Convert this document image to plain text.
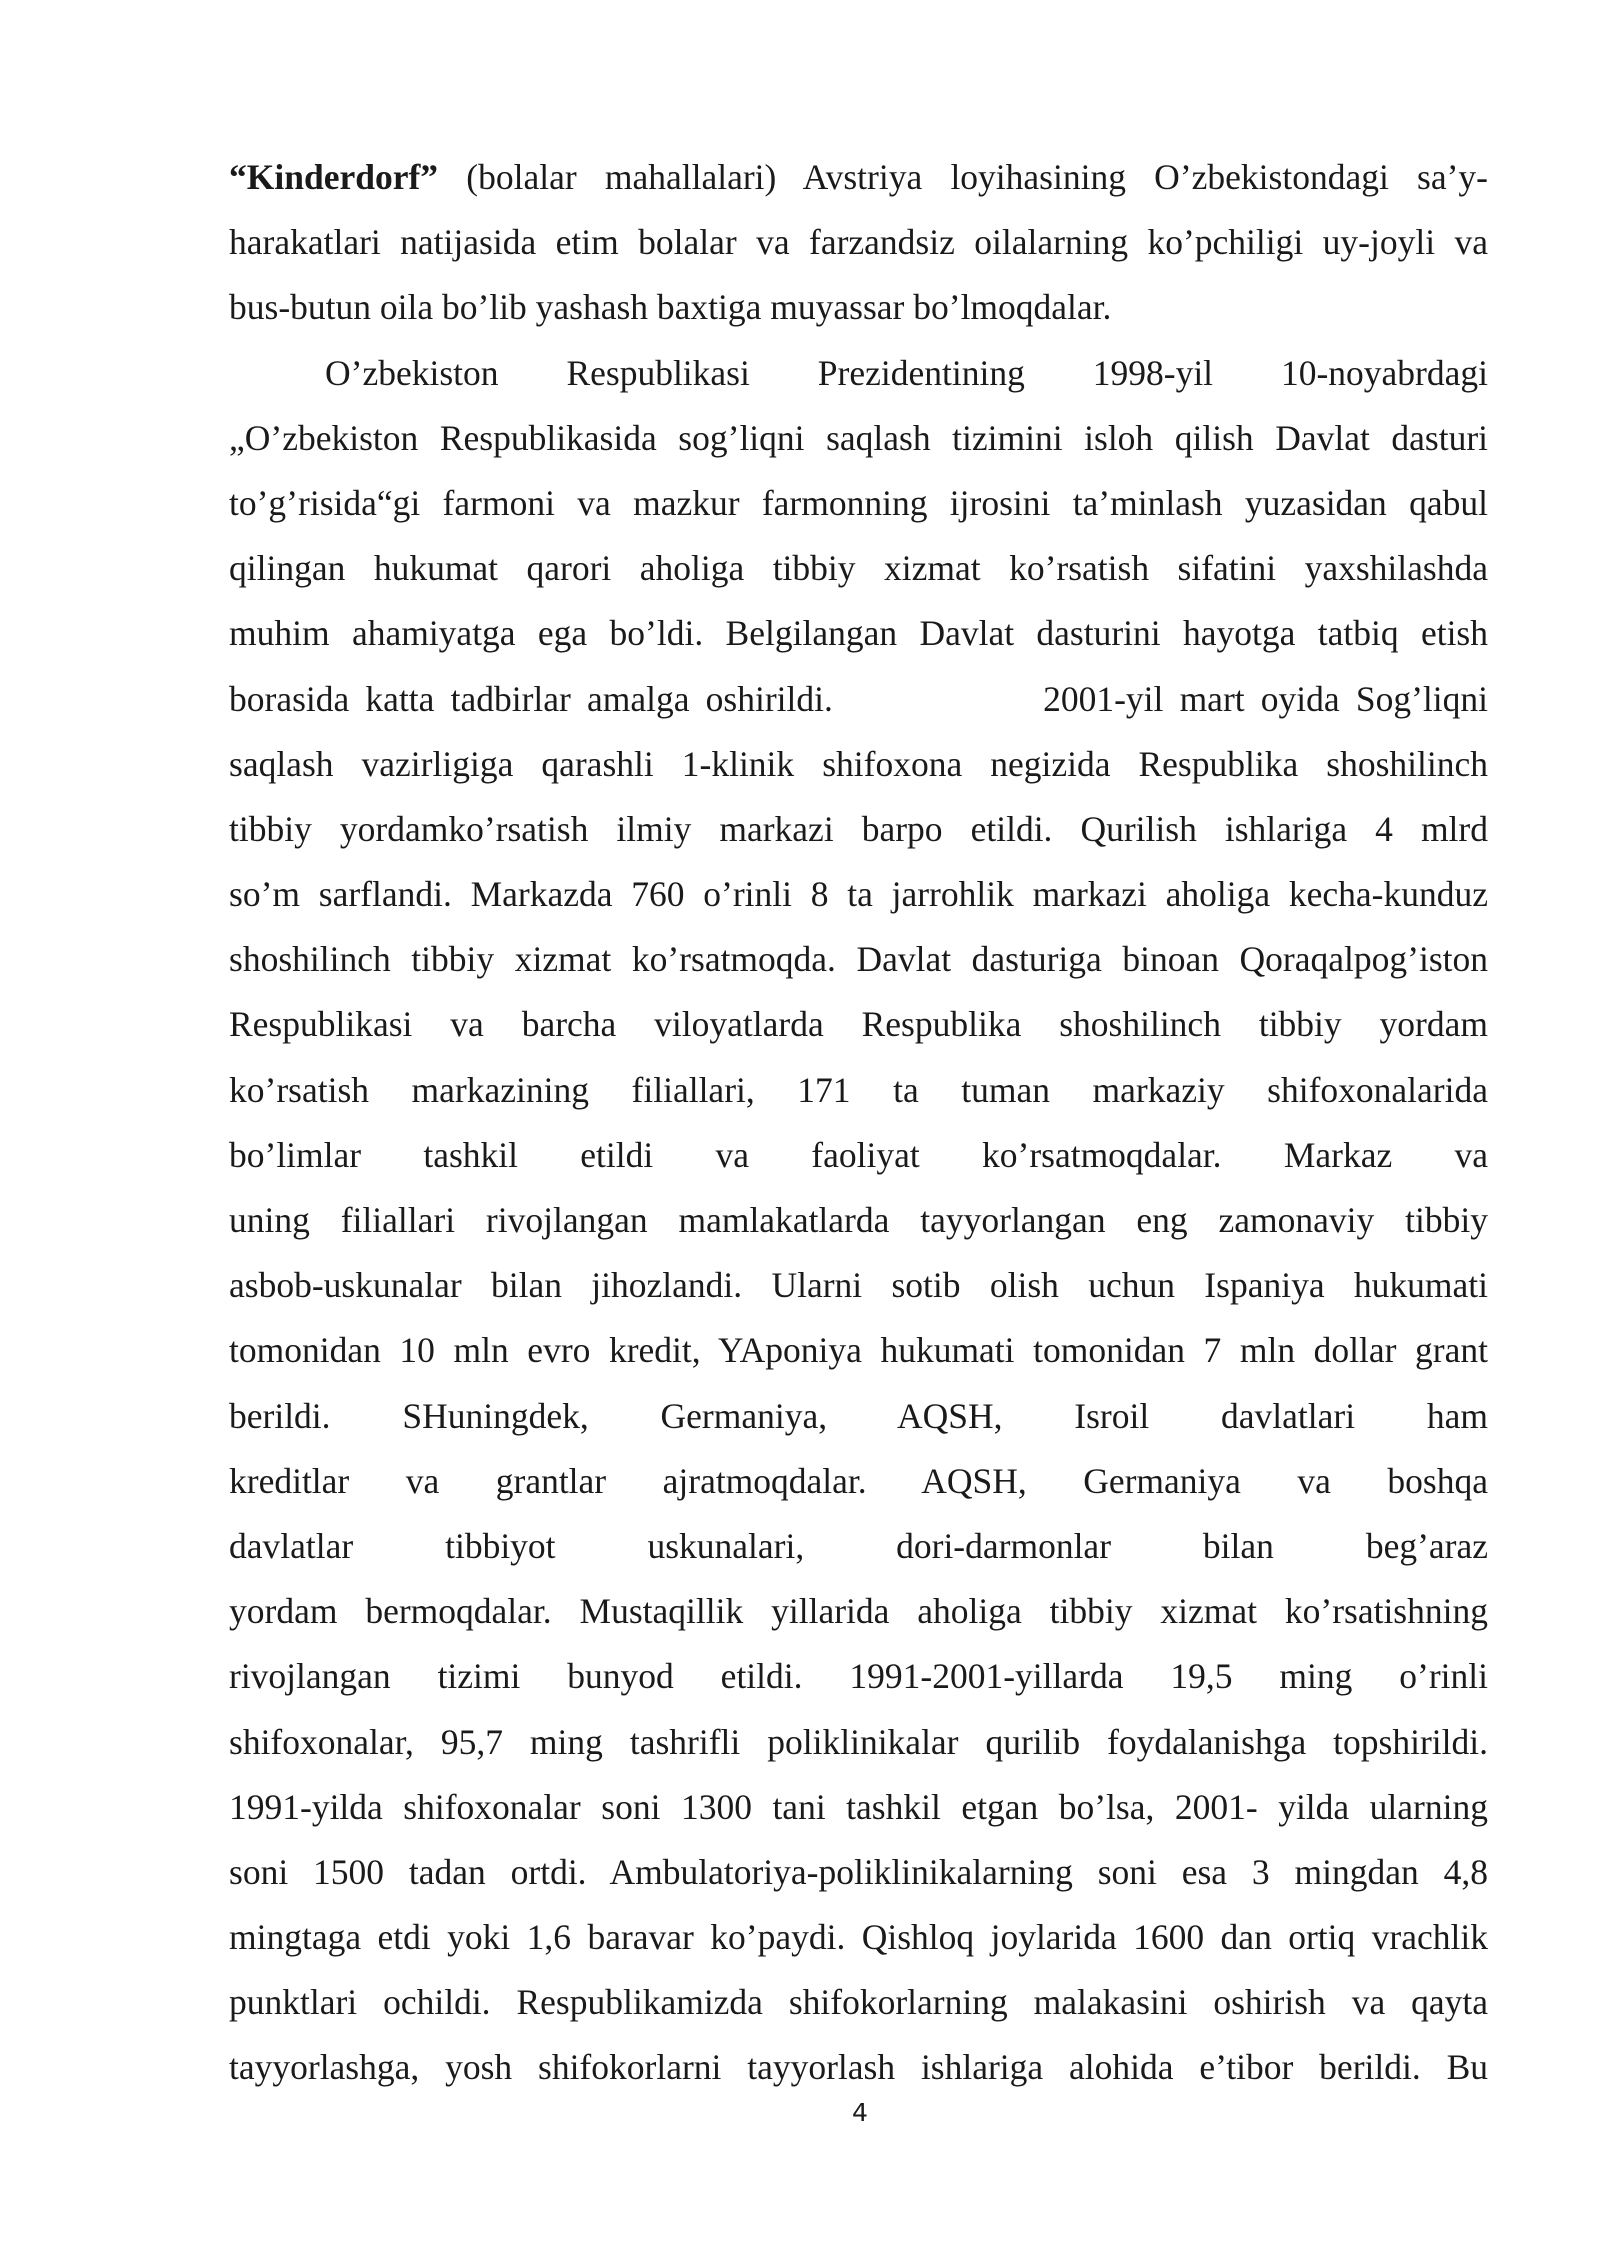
“Kinderdorf” (bolalar mahallalari) Avstriya loyihasining O’zbekistondagi sa’y-
harakatlari natijasida etim bolalar va farzandsiz oilalarning ko’pchiligi uy-joyli va
bus-butun oila bo’lib yashash baxtiga muyassar bo’lmoqdalar.
O’zbekiston Respublikasi Prezidentining 1998-yil 10-noyabrdagi
„O’zbekiston Respublikasida sog’liqni saqlash tizimini isloh qilish Davlat dasturi
to’g’risida“gi farmoni va mazkur farmonning ijrosini ta’minlash yuzasidan qabul
qilingan hukumat qarori aholiga tibbiy xizmat ko’rsatish sifatini yaxshilashda
muhim ahamiyatga ega bo’ldi. Belgilangan Davlat dasturini hayotga tatbiq etish
borasida katta tadbirlar amalga oshirildi.             2001-yil mart oyida Sog’liqni
saqlash vazirligiga qarashli 1-klinik shifoxona negizida Respublika shoshilinch
tibbiy yordamko’rsatish ilmiy markazi barpo etildi. Qurilish ishlariga 4 mlrd
so’m sarflandi. Markazda 760 o’rinli 8 ta jarrohlik markazi aholiga kecha-kunduz
shoshilinch tibbiy xizmat ko’rsatmoqda. Davlat dasturiga binoan Qoraqalpog’iston
Respublikasi va barcha viloyatlarda Respublika shoshilinch tibbiy yordam
ko’rsatish markazining filiallari, 171 ta tuman markaziy shifoxonalarida
bo’limlar tashkil etildi va faoliyat ko’rsatmoqdalar. Markaz va
uning filiallari rivojlangan mamlakatlarda tayyorlangan eng zamonaviy tibbiy
asbob-uskunalar bilan jihozlandi. Ularni sotib olish uchun Ispaniya hukumati
tomonidan 10 mln evro kredit, YAponiya hukumati tomonidan 7 mln dollar grant
berildi. SHuningdek, Germaniya, AQSH, Isroil davlatlari ham
kreditlar va grantlar ajratmoqdalar. AQSH, Germaniya va boshqa
davlatlar tibbiyot uskunalari, dori-darmonlar bilan beg’araz
yordam bermoqdalar. Mustaqillik yillarida aholiga tibbiy xizmat ko’rsatishning
rivojlangan tizimi bunyod etildi. 1991-2001-yillarda 19,5 ming o’rinli
shifoxonalar, 95,7 ming tashrifli poliklinikalar qurilib foydalanishga topshirildi.
1991-yilda shifoxonalar soni 1300 tani tashkil etgan bo’lsa, 2001- yilda ularning
soni 1500 tadan ortdi. Ambulatoriya-poliklinikalarning soni esa 3 mingdan 4,8
mingtaga etdi yoki 1,6 baravar ko’paydi. Qishloq joylarida 1600 dan ortiq vrachlik
punktlari ochildi. Respublikamizda shifokorlarning malakasini oshirish va qayta
tayyorlashga, yosh shifokorlarni tayyorlash ishlariga alohida e’tibor berildi. Bu
4
